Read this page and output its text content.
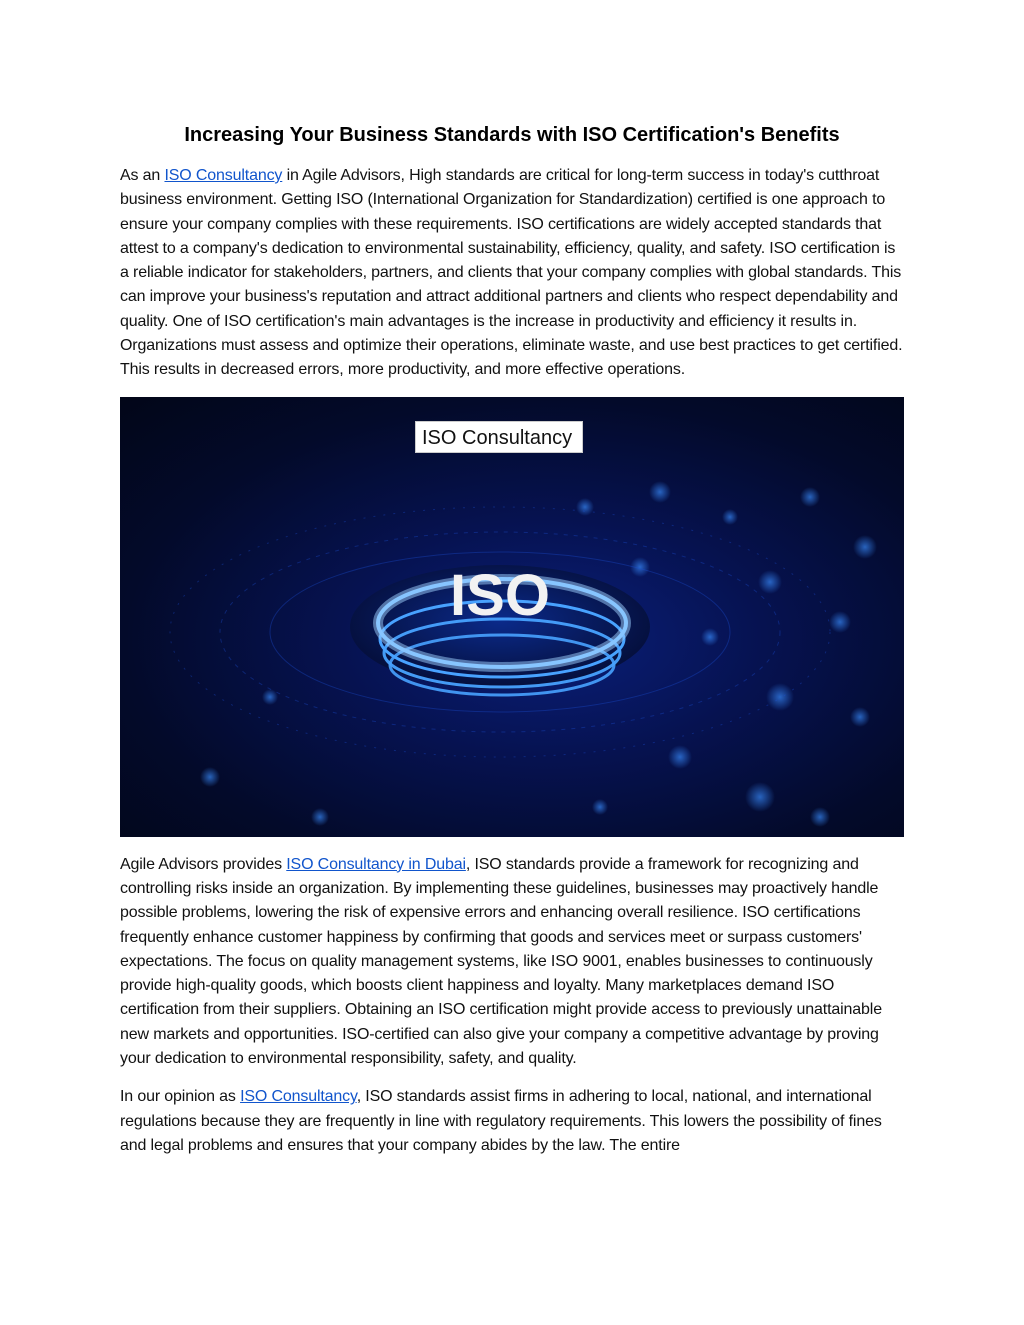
Increasing Your Business Standards with ISO Certification's Benefits

As an ISO Consultancy in Agile Advisors, High standards are critical for long-term success in today's cutthroat business environment. Getting ISO (International Organization for Standardization) certified is one approach to ensure your company complies with these requirements. ISO certifications are widely accepted standards that attest to a company's dedication to environmental sustainability, efficiency, quality, and safety. ISO certification is a reliable indicator for stakeholders, partners, and clients that your company complies with global standards. This can improve your business's reputation and attract additional partners and clients who respect dependability and quality. One of ISO certification's main advantages is the increase in productivity and efficiency it results in. Organizations must assess and optimize their operations, eliminate waste, and use best practices to get certified. This results in decreased errors, more productivity, and more effective operations.

ISO
ISO Consultancy

Agile Advisors provides ISO Consultancy in Dubai, ISO standards provide a framework for recognizing and controlling risks inside an organization. By implementing these guidelines, businesses may proactively handle possible problems, lowering the risk of expensive errors and enhancing overall resilience. ISO certifications frequently enhance customer happiness by confirming that goods and services meet or surpass customers' expectations. The focus on quality management systems, like ISO 9001, enables businesses to continuously provide high-quality goods, which boosts client happiness and loyalty. Many marketplaces demand ISO certification from their suppliers. Obtaining an ISO certification might provide access to previously unattainable new markets and opportunities. ISO-certified can also give your company a competitive advantage by proving your dedication to environmental responsibility, safety, and quality.

In our opinion as ISO Consultancy, ISO standards assist firms in adhering to local, national, and international regulations because they are frequently in line with regulatory requirements. This lowers the possibility of fines and legal problems and ensures that your company abides by the law. The entire
